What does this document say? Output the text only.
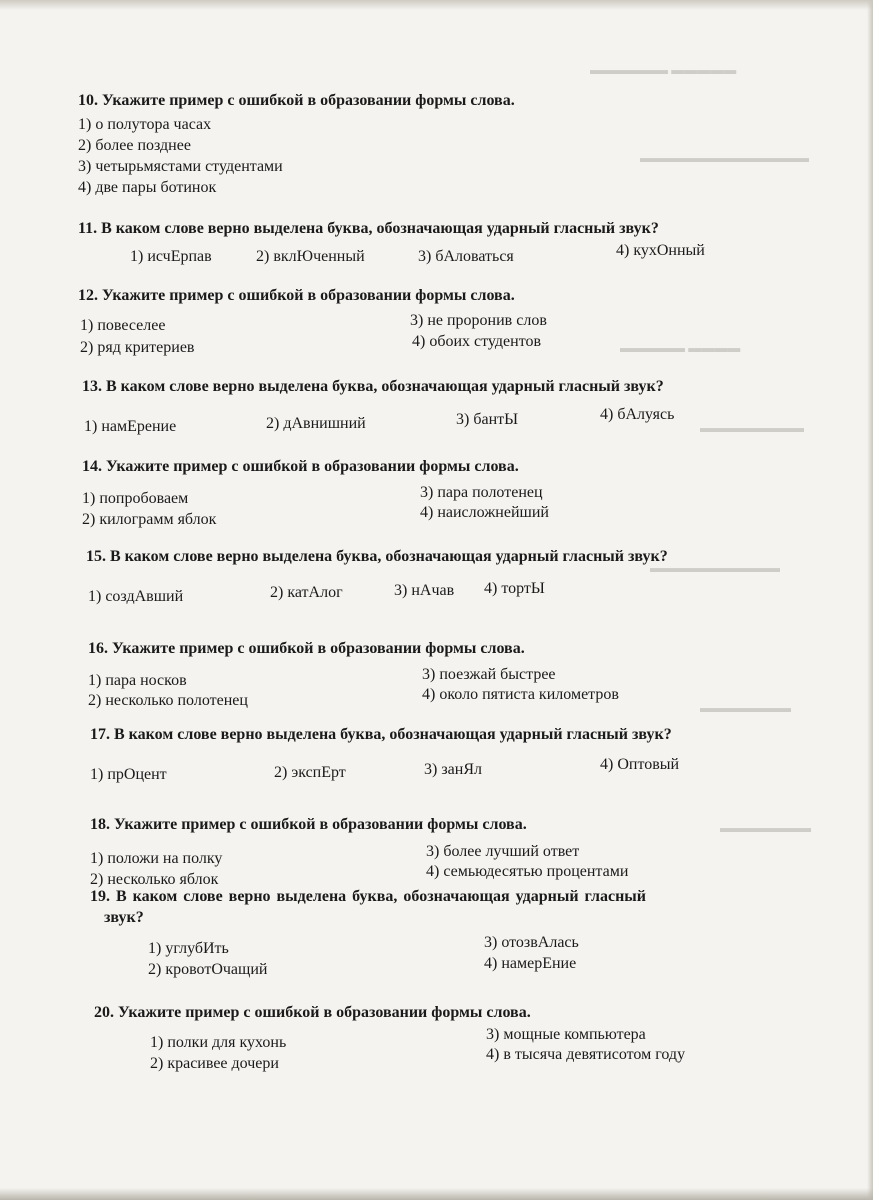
▬▬▬▬▬▬ ▬▬▬▬▬
▬▬▬▬▬▬▬▬▬▬▬▬▬
▬▬▬▬▬ ▬▬▬▬
▬▬▬▬▬▬▬▬
▬▬▬▬▬▬▬▬▬▬
▬▬▬▬▬▬▬
▬▬▬▬▬▬▬
10. Укажите пример с ошибкой в образовании формы слова.
1) о полутора часах
2) более позднее
3) четырьмястами студентами
4) две пары ботинок
11. В каком слове верно выделена буква, обозначающая ударный гласный звук?
1) исчЕрпав	2) вклЮченный	3) бАловаться	4) кухОнный
12. Укажите пример с ошибкой в образовании формы слова.
1) повеселее
2) ряд критериев
3) не проронив слов
4) обоих студентов
13. В каком слове верно выделена буква, обозначающая ударный гласный звук?
1) намЕрение	2) дАвнишний	3) бантЫ	4) бАлуясь
14. Укажите пример с ошибкой в образовании формы слова.
1) попробоваем
2) килограмм яблок
3) пара полотенец
4) наисложнейший
15. В каком слове верно выделена буква, обозначающая ударный гласный звук?
1) создАвший	2) катАлог	3) нАчав 4) тортЫ
16. Укажите пример с ошибкой в образовании формы слова.
1) пара носков
2) несколько полотенец
3) поезжай быстрее
4) около пятиста километров
17. В каком слове верно выделена буква, обозначающая ударный гласный звук?
1) прОцент	2) экспЕрт	3) занЯл	4) Оптовый
18. Укажите пример с ошибкой в образовании формы слова.
1) положи на полку
2) несколько яблок
3) более лучший ответ
4) семьюдесятью процентами
19. В каком слове верно выделена буква, обозначающая ударный гласный
звук?
1) углубИть
2) кровотОчащий
3) отозвАлась
4) намерЕние
20. Укажите пример с ошибкой в образовании формы слова.
1) полки для кухонь
2) красивее дочери
3) мощные компьютера
4) в тысяча девятисотом году
